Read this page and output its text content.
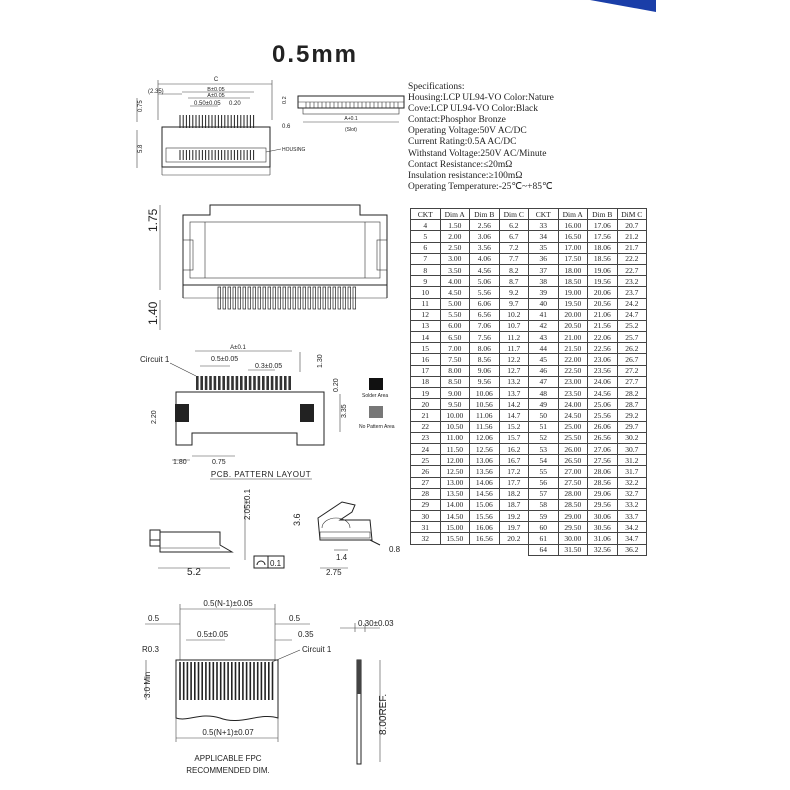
0.5mm
C
(2.35)	B±0.05
A±0.05
0.50±0.05 0.20
0.75
5.8	HOUSING
0.2
0.6
A+0.1
(Slot)
1.75
1.40
A±0.1
Circuit 1	0.5±0.05
0.3±0.05	1.30
0.20
2.20	3.35
1.80	0.75
PCB. PATTERN LAYOUT
Solder Area
No Pattern Area
2.05±0.1
5.2
0.1
3.6
1.4
0.8
2.75
0.5(N-1)±0.05
0.5	0.5
0.5±0.05	0.35
R0.3	Circuit 1
3.0 Min
0.5(N+1)±0.07
APPLICABLE FPC
RECOMMENDED DIM.
0.30±0.03
8.00REF.
Specifications:
Housing:LCP UL94-VO Color:Nature
Cove:LCP UL94-VO Color:Black
Contact:Phosphor Bronze
Operating Voltage:50V AC/DC
Current Rating:0.5A AC/DC
Withstand Voltage:250V AC/Minute
Contact Resistance:≤20mΩ
Insulation resistance:≥100mΩ
Operating Temperature:-25℃~+85℃
CKT	Dim A	Dim B	Dim C	CKT	Dim A	Dim B	DiM C
4	1.50	2.56	6.2	33	16.00	17.06	20.7
5	2.00	3.06	6.7	34	16.50	17.56	21.2
6	2.50	3.56	7.2	35	17.00	18.06	21.7
7	3.00	4.06	7.7	36	17.50	18.56	22.2
8	3.50	4.56	8.2	37	18.00	19.06	22.7
9	4.00	5.06	8.7	38	18.50	19.56	23.2
10	4.50	5.56	9.2	39	19.00	20.06	23.7
11	5.00	6.06	9.7	40	19.50	20.56	24.2
12	5.50	6.56	10.2	41	20.00	21.06	24.7
13	6.00	7.06	10.7	42	20.50	21.56	25.2
14	6.50	7.56	11.2	43	21.00	22.06	25.7
15	7.00	8.06	11.7	44	21.50	22.56	26.2
16	7.50	8.56	12.2	45	22.00	23.06	26.7
17	8.00	9.06	12.7	46	22.50	23.56	27.2
18	8.50	9.56	13.2	47	23.00	24.06	27.7
19	9.00	10.06	13.7	48	23.50	24.56	28.2
20	9.50	10.56	14.2	49	24.00	25.06	28.7
21	10.00	11.06	14.7	50	24.50	25.56	29.2
22	10.50	11.56	15.2	51	25.00	26.06	29.7
23	11.00	12.06	15.7	52	25.50	26.56	30.2
24	11.50	12.56	16.2	53	26.00	27.06	30.7
25	12.00	13.06	16.7	54	26.50	27.56	31.2
26	12.50	13.56	17.2	55	27.00	28.06	31.7
27	13.00	14.06	17.7	56	27.50	28.56	32.2
28	13.50	14.56	18.2	57	28.00	29.06	32.7
29	14.00	15.06	18.7	58	28.50	29.56	33.2
30	14.50	15.56	19.2	59	29.00	30.06	33.7
31	15.00	16.06	19.7	60	29.50	30.56	34.2
32	15.50	16.56	20.2	61	30.00	31.06	34.7
				64	31.50	32.56	36.2
